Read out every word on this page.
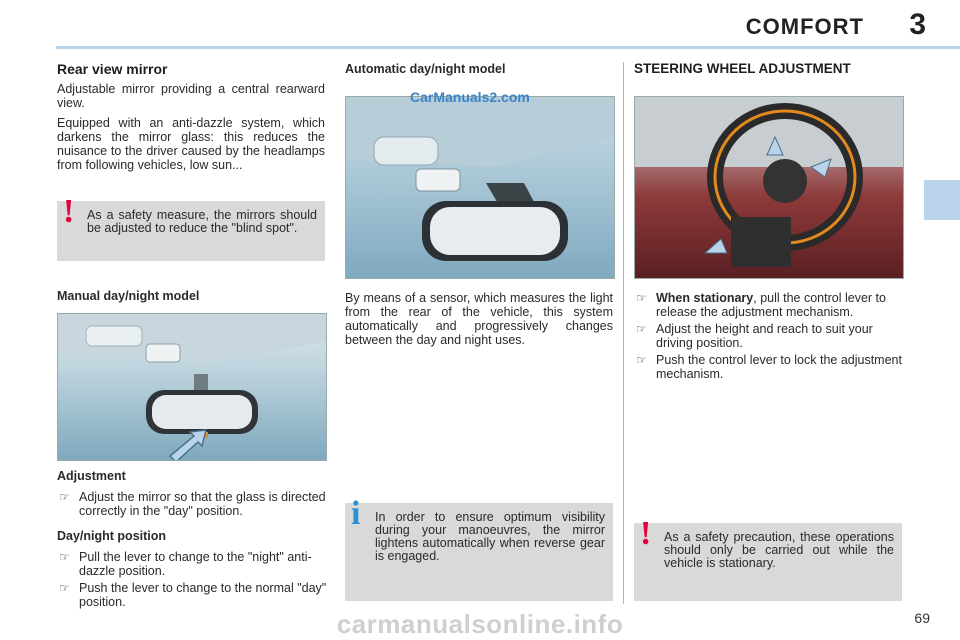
COMFORT 3
Rear view mirror

Adjustable mirror providing a central rearward view.

Equipped with an anti-dazzle system, which darkens the mirror glass: this reduces the nuisance to the driver caused by the headlamps from following vehicles, low sun...

! As a safety measure, the mirrors should be adjusted to reduce the "blind spot".
Manual day/night model
Adjustment
☞ Adjust the mirror so that the glass is directed correctly in the "day" position.
Day/night position
☞ Pull the lever to change to the "night" anti-dazzle position.
☞ Push the lever to change to the normal "day" position.
Automatic day/night model
CarManuals2.com

By means of a sensor, which measures the light from the rear of the vehicle, this system automatically and progressively changes between the day and night uses.

i In order to ensure optimum visibility during your manoeuvres, the mirror lightens automatically when reverse gear is engaged.
STEERING WHEEL ADJUSTMENT
☞ When stationary, pull the control lever to release the adjustment mechanism.
☞ Adjust the height and reach to suit your driving position.
☞ Push the control lever to lock the adjustment mechanism.
! As a safety precaution, these operations should only be carried out while the vehicle is stationary.
69
carmanualsonline.info
